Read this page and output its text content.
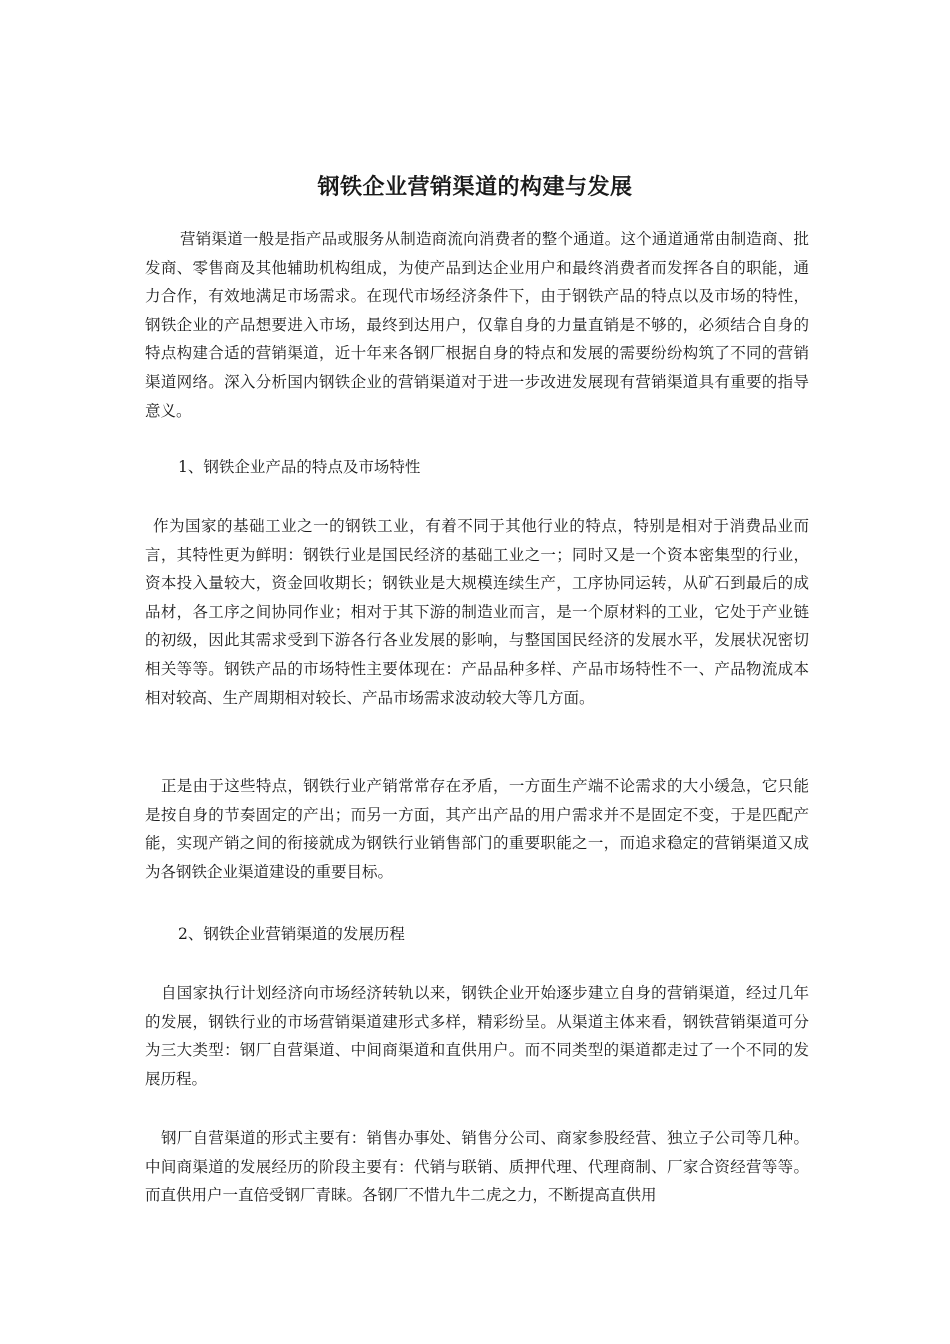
钢铁企业营销渠道的构建与发展

营销渠道一般是指产品或服务从制造商流向消费者的整个通道。这个通道通常由制造商、批发商、零售商及其他辅助机构组成，为使产品到达企业用户和最终消费者而发挥各自的职能，通力合作，有效地满足市场需求。在现代市场经济条件下，由于钢铁产品的特点以及市场的特性，钢铁企业的产品想要进入市场，最终到达用户，仅靠自身的力量直销是不够的，必须结合自身的特点构建合适的营销渠道，近十年来各钢厂根据自身的特点和发展的需要纷纷构筑了不同的营销渠道网络。深入分析国内钢铁企业的营销渠道对于进一步改进发展现有营销渠道具有重要的指导意义。

1、钢铁企业产品的特点及市场特性

作为国家的基础工业之一的钢铁工业，有着不同于其他行业的特点，特别是相对于消费品业而言，其特性更为鲜明：钢铁行业是国民经济的基础工业之一；同时又是一个资本密集型的行业，资本投入量较大，资金回收期长；钢铁业是大规模连续生产，工序协同运转，从矿石到最后的成品材，各工序之间协同作业；相对于其下游的制造业而言，是一个原材料的工业，它处于产业链的初级，因此其需求受到下游各行各业发展的影响，与整国国民经济的发展水平，发展状况密切相关等等。钢铁产品的市场特性主要体现在：产品品种多样、产品市场特性不一、产品物流成本相对较高、生产周期相对较长、产品市场需求波动较大等几方面。

正是由于这些特点，钢铁行业产销常常存在矛盾，一方面生产端不论需求的大小缓急，它只能是按自身的节奏固定的产出；而另一方面，其产出产品的用户需求并不是固定不变，于是匹配产能，实现产销之间的衔接就成为钢铁行业销售部门的重要职能之一，而追求稳定的营销渠道又成为各钢铁企业渠道建设的重要目标。

2、钢铁企业营销渠道的发展历程

自国家执行计划经济向市场经济转轨以来，钢铁企业开始逐步建立自身的营销渠道，经过几年的发展，钢铁行业的市场营销渠道建形式多样，精彩纷呈。从渠道主体来看，钢铁营销渠道可分为三大类型：钢厂自营渠道、中间商渠道和直供用户。而不同类型的渠道都走过了一个不同的发展历程。

钢厂自营渠道的形式主要有：销售办事处、销售分公司、商家参股经营、独立子公司等几种。中间商渠道的发展经历的阶段主要有：代销与联销、质押代理、代理商制、厂家合资经营等等。而直供用户一直倍受钢厂青睐。各钢厂不惜九牛二虎之力，不断提高直供用
